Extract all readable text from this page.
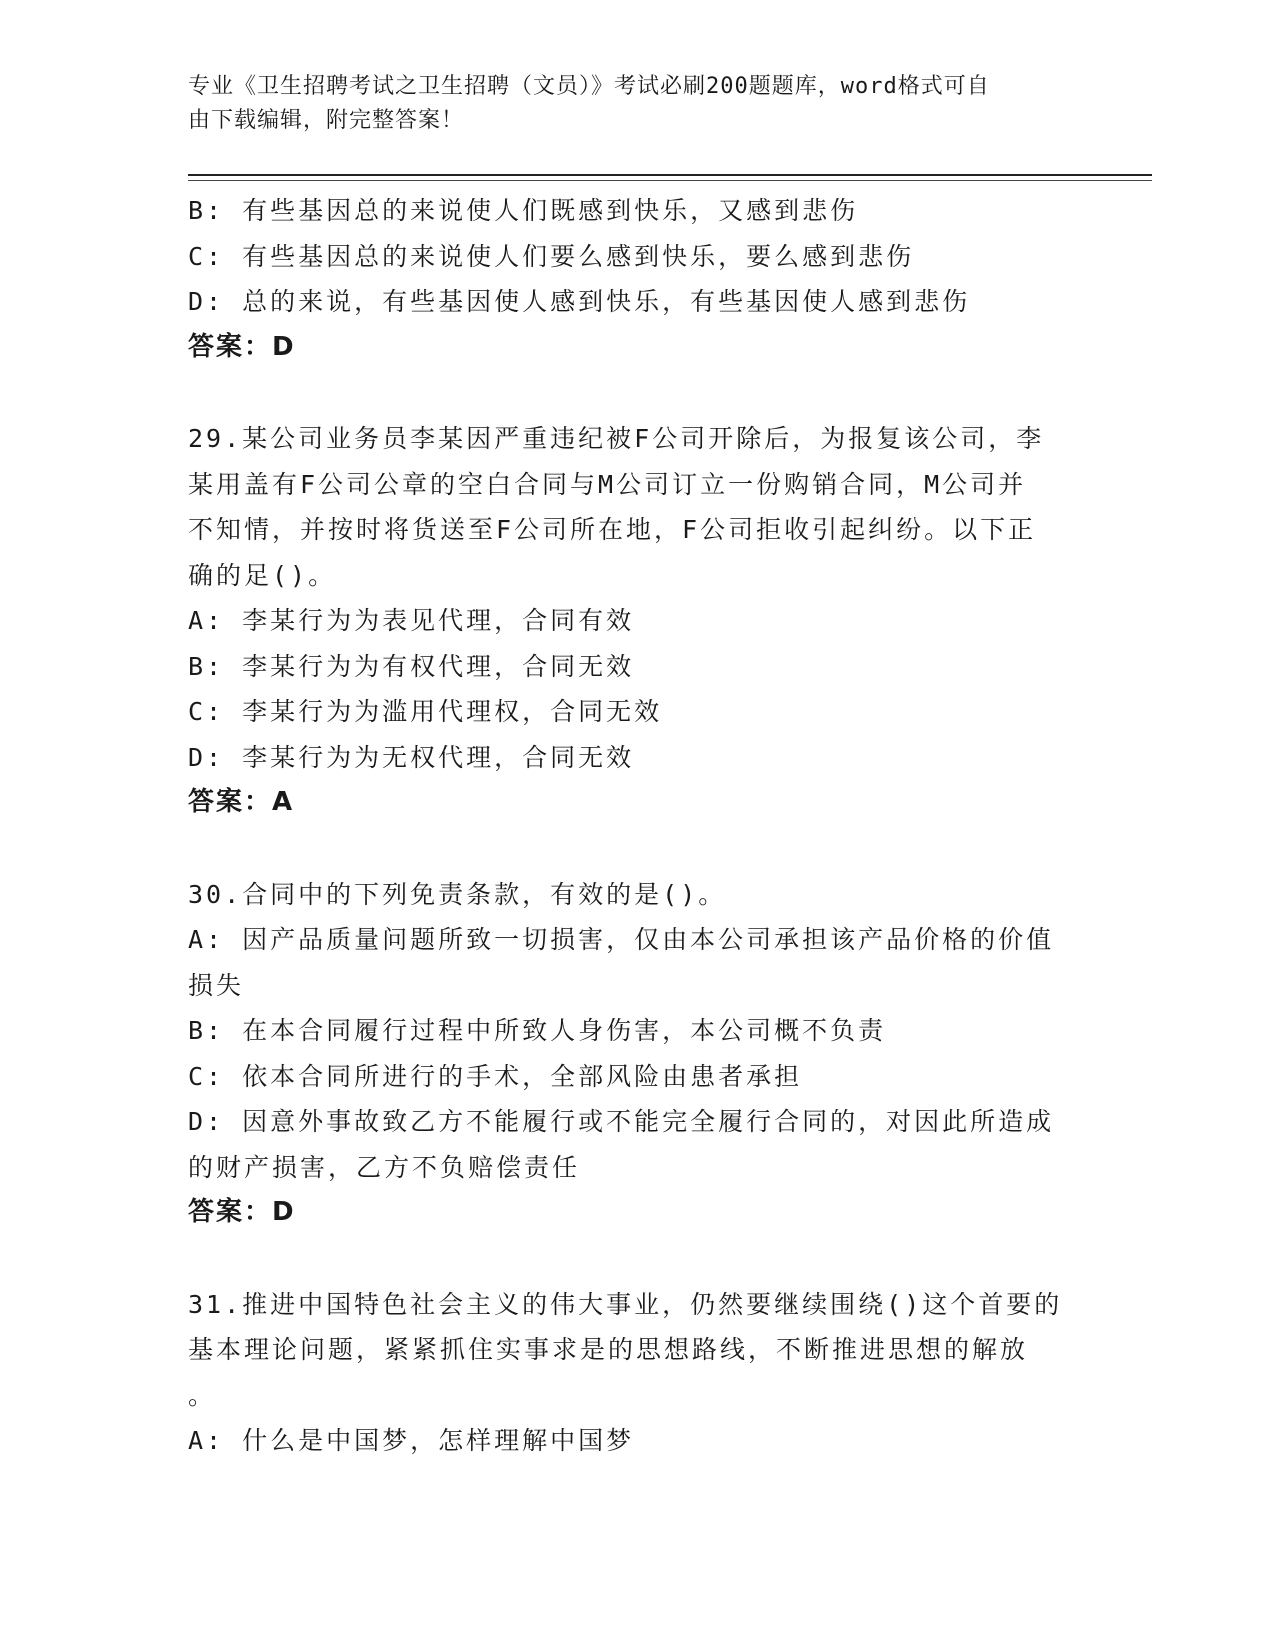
专业《卫生招聘考试之卫生招聘（文员）》考试必刷200题题库，word格式可自
由下载编辑，附完整答案！
B: 有些基因总的来说使人们既感到快乐，又感到悲伤
C: 有些基因总的来说使人们要么感到快乐，要么感到悲伤
D: 总的来说，有些基因使人感到快乐，有些基因使人感到悲伤
答案：D
29.某公司业务员李某因严重违纪被F公司开除后，为报复该公司，李
某用盖有F公司公章的空白合同与M公司订立一份购销合同，M公司并
不知情，并按时将货送至F公司所在地，F公司拒收引起纠纷。以下正
确的足()。
A: 李某行为为表见代理，合同有效
B: 李某行为为有权代理，合同无效
C: 李某行为为滥用代理权，合同无效
D: 李某行为为无权代理，合同无效
答案：A
30.合同中的下列免责条款，有效的是()。
A: 因产品质量问题所致一切损害，仅由本公司承担该产品价格的价值
损失
B: 在本合同履行过程中所致人身伤害，本公司概不负责
C: 依本合同所进行的手术，全部风险由患者承担
D: 因意外事故致乙方不能履行或不能完全履行合同的，对因此所造成
的财产损害，乙方不负赔偿责任
答案：D
31.推进中国特色社会主义的伟大事业，仍然要继续围绕()这个首要的
基本理论问题，紧紧抓住实事求是的思想路线，不断推进思想的解放
。
A: 什么是中国梦，怎样理解中国梦
